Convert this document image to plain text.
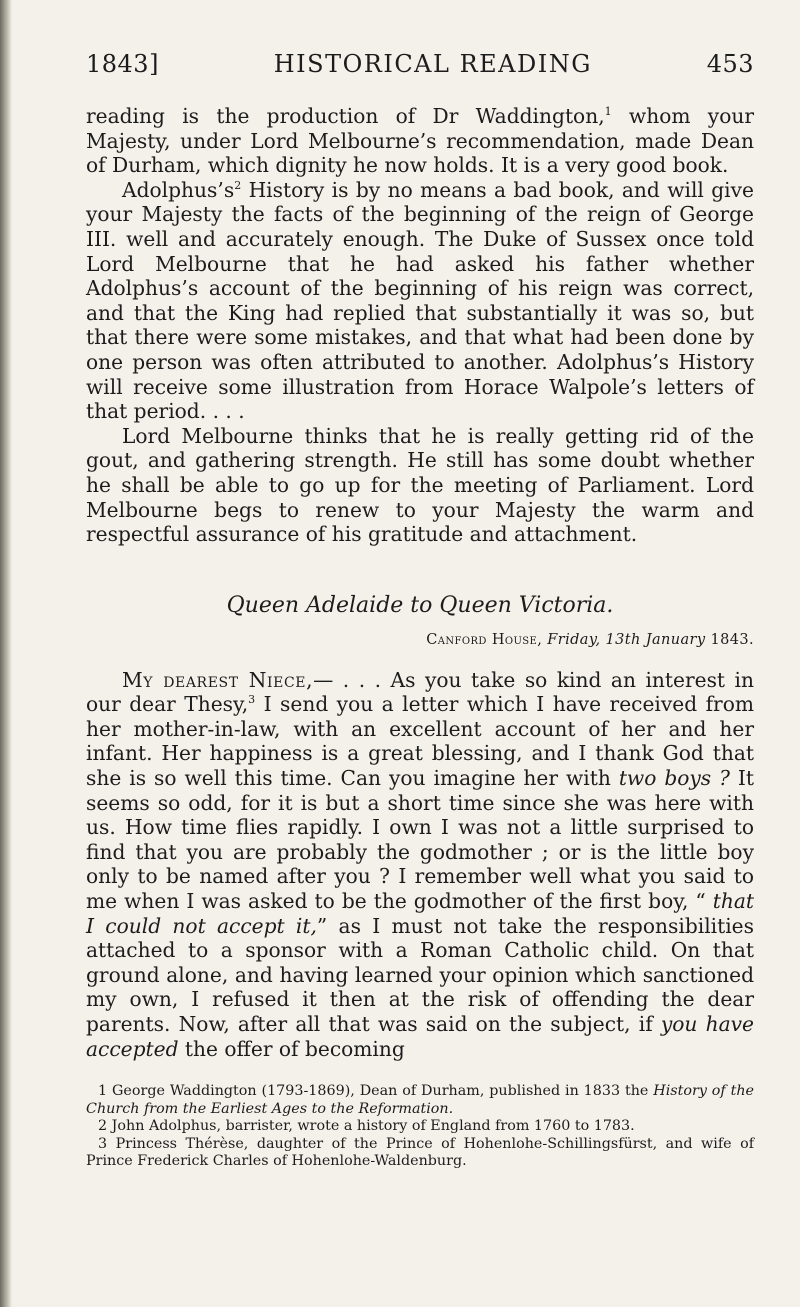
1843]	HISTORICAL READING	453

reading is the production of Dr Waddington,$^1$ whom your Majesty, under Lord Melbourne’s recommendation, made Dean of Durham, which dignity he now holds. It is a very good book.

$Adolphus’s^2$ History is by no means a bad book, and will give your Majesty the facts of the beginning of the reign of George III. well and accurately enough. The Duke of Sussex once told Lord Melbourne that he had asked his father whether Adolphus’s account of the beginning of his reign was correct, and that the King had replied that substantially it was so, but that there were some mistakes, and that what had been done by one person was often attributed to another. Adolphus’s History will receive some illustration from Horace Walpole’s letters of that period. . . .

Lord Melbourne thinks that he is really getting rid of the gout, and gathering strength. He still has some doubt whether he shall be able to go up for the meeting of Parliament. Lord Melbourne begs to renew to your Majesty the warm and respectful assurance of his gratitude and attachment.

Queen Adelaide to Queen Victoria.
Canford House, Friday, 13th January 1843.

My dearest Niece,— . . . As you take so kind an interest in our dear Thesy,$^3$ I send you a letter which I have received from her mother-in-law, with an excellent account of her and her infant. Her happiness is a great blessing, and I thank God that she is so well this time. Can you imagine her with two boys ? It seems so odd, for it is but a short time since she was here with us. How time flies rapidly. I own I was not a little surprised to find that you are probably the godmother ; or is the little boy only to be named after you ? I remember well what you said to me when I was asked to be the godmother of the first boy, “ that I could not accept it,” as I must not take the responsibilities attached to a sponsor with a Roman Catholic child. On that ground alone, and having learned your opinion which sanctioned my own, I refused it then at the risk of offending the dear parents. Now, after all that was said on the subject, if you have accepted the offer of becoming

1 George Waddington (1793-1869), Dean of Durham, published in 1833 the History of the Church from the Earliest Ages to the Reformation.

2 John Adolphus, barrister, wrote a history of England from 1760 to 1783.

3 Princess Thérèse, daughter of the Prince of Hohenlohe-Schillingsfürst, and wife of Prince Frederick Charles of Hohenlohe-Waldenburg.
